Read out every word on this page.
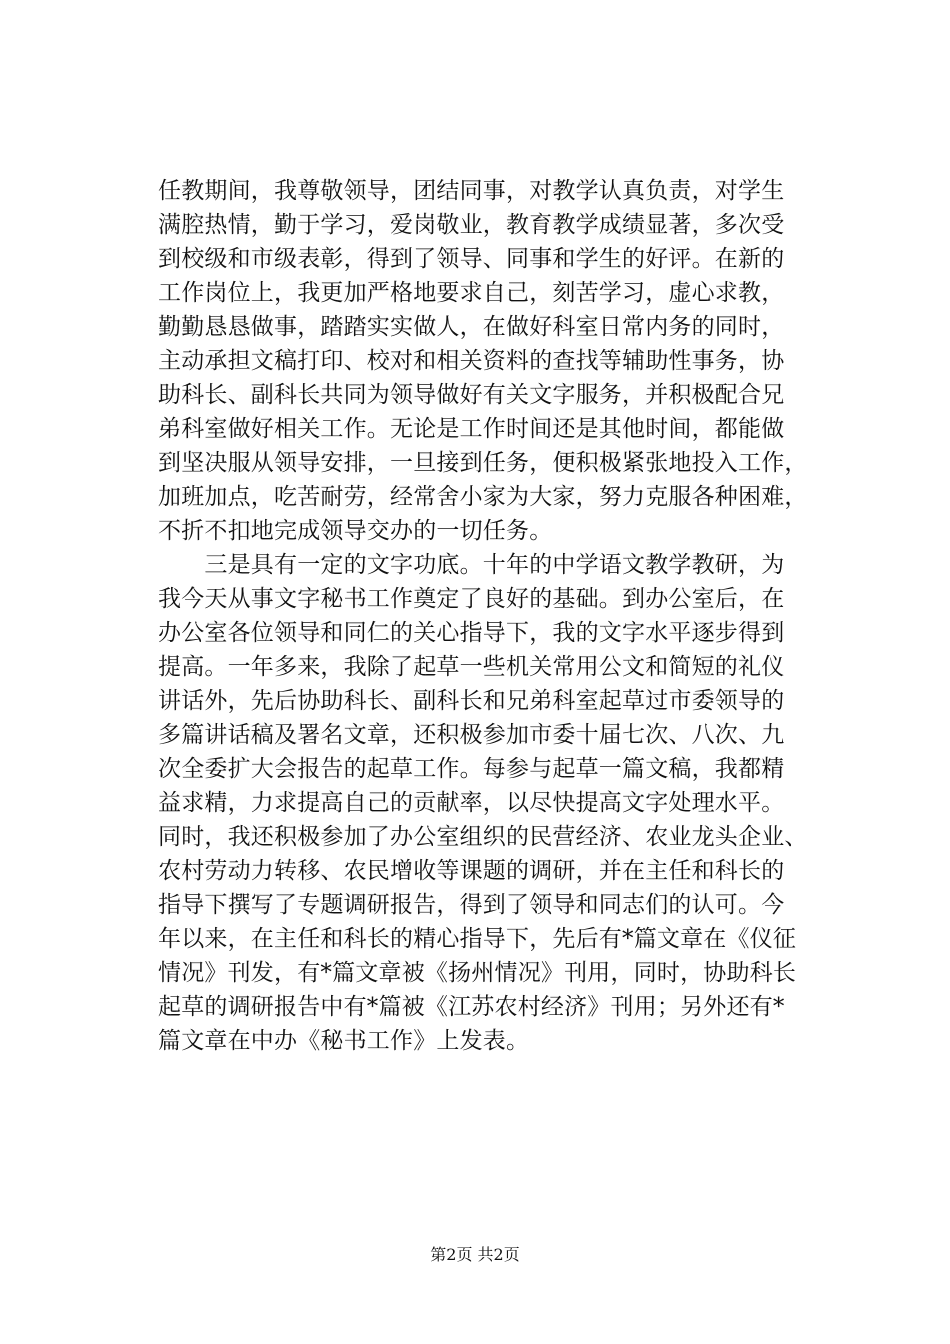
任教期间，我尊敬领导，团结同事，对教学认真负责，对学生
满腔热情，勤于学习，爱岗敬业，教育教学成绩显著，多次受
到校级和市级表彰，得到了领导、同事和学生的好评。在新的
工作岗位上，我更加严格地要求自己，刻苦学习，虚心求教，
勤勤恳恳做事，踏踏实实做人，在做好科室日常内务的同时，
主动承担文稿打印、校对和相关资料的查找等辅助性事务，协
助科长、副科长共同为领导做好有关文字服务，并积极配合兄
弟科室做好相关工作。无论是工作时间还是其他时间，都能做
到坚决服从领导安排，一旦接到任务，便积极紧张地投入工作，
加班加点，吃苦耐劳，经常舍小家为大家，努力克服各种困难，
不折不扣地完成领导交办的一切任务。
　　三是具有一定的文字功底。十年的中学语文教学教研，为
我今天从事文字秘书工作奠定了良好的基础。到办公室后，在
办公室各位领导和同仁的关心指导下，我的文字水平逐步得到
提高。一年多来，我除了起草一些机关常用公文和简短的礼仪
讲话外，先后协助科长、副科长和兄弟科室起草过市委领导的
多篇讲话稿及署名文章，还积极参加市委十届七次、八次、九
次全委扩大会报告的起草工作。每参与起草一篇文稿，我都精
益求精，力求提高自己的贡献率，以尽快提高文字处理水平。
同时，我还积极参加了办公室组织的民营经济、农业龙头企业、
农村劳动力转移、农民增收等课题的调研，并在主任和科长的
指导下撰写了专题调研报告，得到了领导和同志们的认可。今
年以来，在主任和科长的精心指导下，先后有*篇文章在《仪征
情况》刊发，有*篇文章被《扬州情况》刊用，同时，协助科长
起草的调研报告中有*篇被《江苏农村经济》刊用；另外还有*
篇文章在中办《秘书工作》上发表。
第2页 共2页
